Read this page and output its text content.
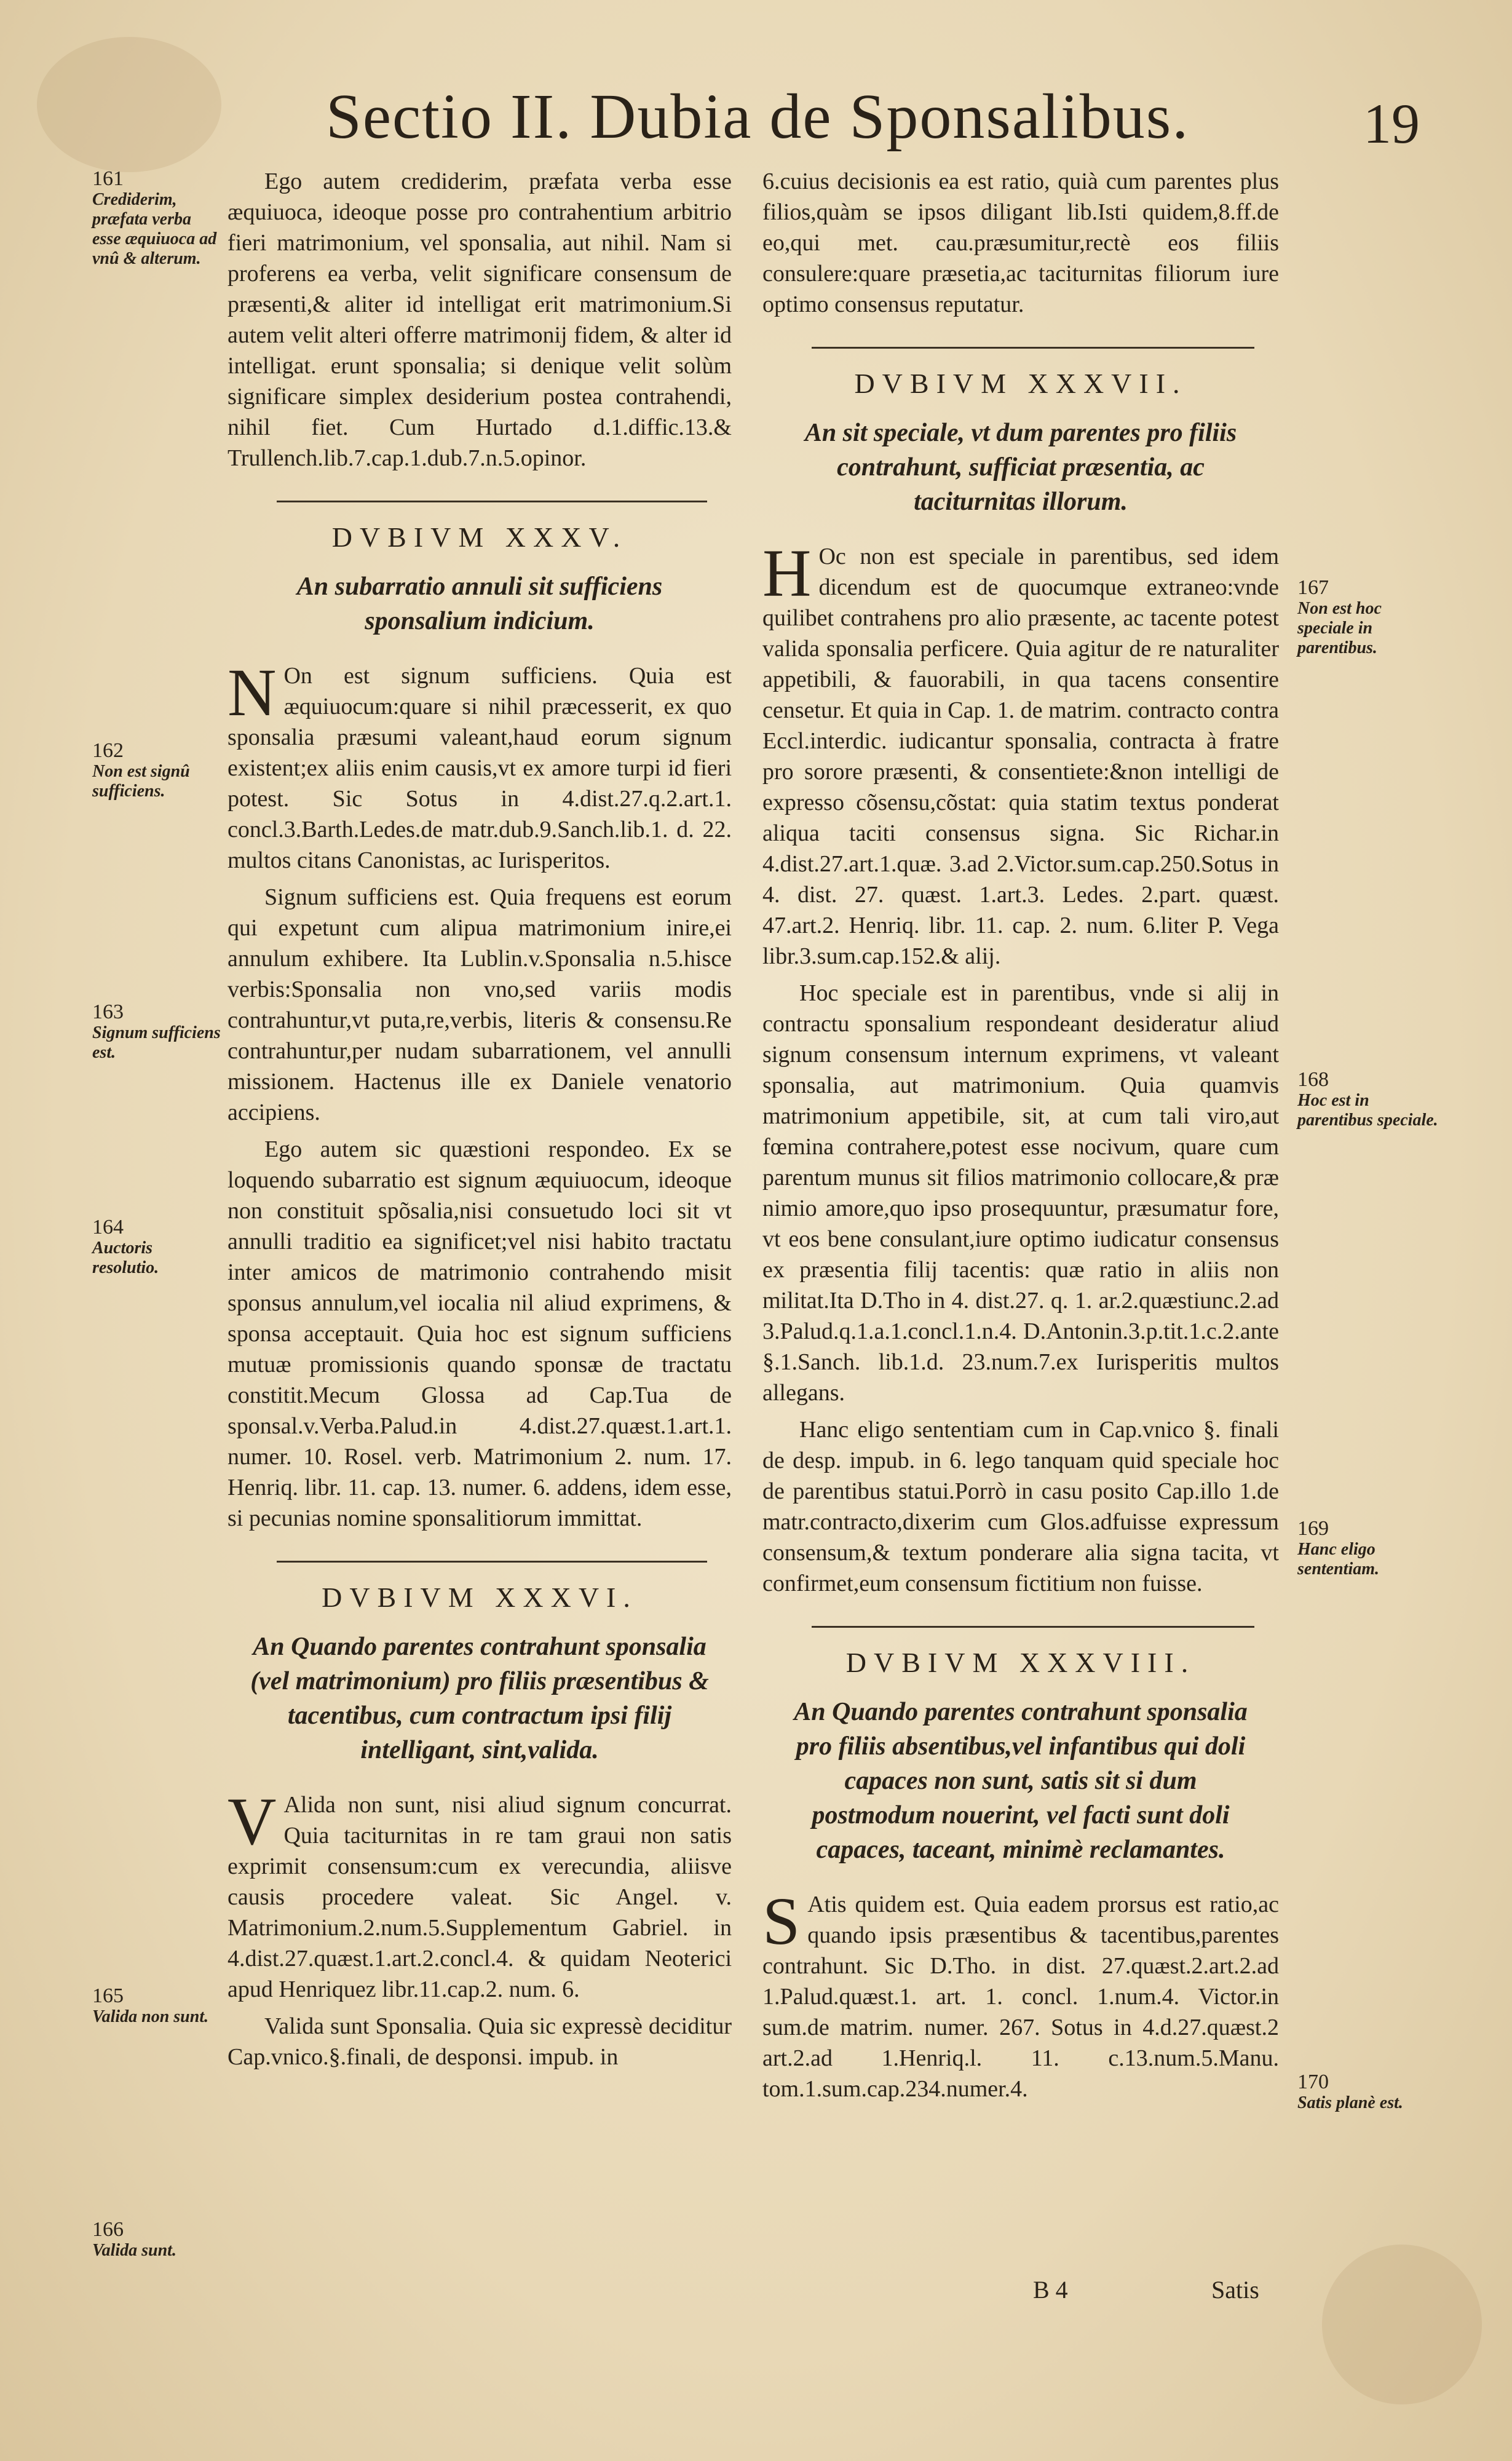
Sectio II. Dubia de Sponsalibus.	19
161
Crediderim, præfata verba esse æquiuoca ad vnû & alterum.
162
Non est signû sufficiens.
163
Signum sufficiens est.
164
Auctoris resolutio.
165
Valida non sunt.
166
Valida sunt.

Ego autem crediderim, præfata verba esse æquiuoca, ideoque posse pro contrahentium arbitrio fieri matrimonium, vel sponsalia, aut nihil. Nam si proferens ea verba, velit significare consensum de præsenti,& aliter id intelligat erit matrimonium.Si autem velit alteri offerre matrimonij fidem, & alter id intelligat. erunt sponsalia; si denique velit solùm significare simplex desiderium postea contrahendi, nihil fiet. Cum Hurtado d.1.diffic.13.& Trullench.lib.7.cap.1.dub.7.n.5.opinor.

DVBIVM XXXV.
An subarratio annuli sit sufficiens sponsalium indicium.

N On est signum sufficiens. Quia est æquiuocum:quare si nihil præcesserit, ex quo sponsalia præsumi valeant,haud eorum signum existent;ex aliis enim causis,vt ex amore turpi id fieri potest. Sic Sotus in 4.dist.27.q.2.art.1. concl.3.Barth.Ledes.de matr.dub.9.Sanch.lib.1. d. 22. multos citans Canonistas, ac Iurisperitos.

Signum sufficiens est. Quia frequens est eorum qui expetunt cum alipua matrimonium inire,ei annulum exhibere. Ita Lublin.v.Sponsalia n.5.hisce verbis:Sponsalia non vno,sed variis modis contrahuntur,vt puta,re,verbis, literis & consensu.Re contrahuntur,per nudam subarrationem, vel annulli missionem. Hactenus ille ex Daniele venatorio accipiens.

Ego autem sic quæstioni respondeo. Ex se loquendo subarratio est signum æquiuocum, ideoque non constituit spõsalia,nisi consuetudo loci sit vt annulli traditio ea significet;vel nisi habito tractatu inter amicos de matrimonio contrahendo misit sponsus annulum,vel iocalia nil aliud exprimens, & sponsa acceptauit. Quia hoc est signum sufficiens mutuæ promissionis quando sponsæ de tractatu constitit.Mecum Glossa ad Cap.Tua de sponsal.v.Verba.Palud.in 4.dist.27.quæst.1.art.1. numer. 10. Rosel. verb. Matrimonium 2. num. 17. Henriq. libr. 11. cap. 13. numer. 6. addens, idem esse, si pecunias nomine sponsalitiorum immittat.

DVBIVM XXXVI.
An Quando parentes contrahunt sponsalia (vel matrimonium) pro filiis præsentibus & tacentibus, cum contractum ipsi filij intelligant, sint,valida.

V Alida non sunt, nisi aliud signum concurrat. Quia taciturnitas in re tam graui non satis exprimit consensum:cum ex verecundia, aliisve causis procedere valeat. Sic Angel. v. Matrimonium.2.num.5.Supplementum Gabriel. in 4.dist.27.quæst.1.art.2.concl.4. & quidam Neoterici apud Henriquez libr.11.cap.2. num. 6.

Valida sunt Sponsalia. Quia sic expressè deciditur Cap.vnico.§.finali, de desponsi. impub. in

6.cuius decisionis ea est ratio, quià cum parentes plus filios,quàm se ipsos diligant lib.Isti quidem,8.ff.de eo,qui met. cau.præsumitur,rectè eos filiis consulere:quare præsetia,ac taciturnitas filiorum iure optimo consensus reputatur.

DVBIVM XXXVII.
An sit speciale, vt dum parentes pro filiis contrahunt, sufficiat præsentia, ac taciturnitas illorum.

H Oc non est speciale in parentibus, sed idem dicendum est de quocumque extraneo:vnde quilibet contrahens pro alio præsente, ac tacente potest valida sponsalia perficere. Quia agitur de re naturaliter appetibili, & fauorabili, in qua tacens consentire censetur. Et quia in Cap. 1. de matrim. contracto contra Eccl.interdic. iudicantur sponsalia, contracta à fratre pro sorore præsenti, & consentiete:&non intelligi de expresso cõsensu,cõstat: quia statim textus ponderat aliqua taciti consensus signa. Sic Richar.in 4.dist.27.art.1.quæ. 3.ad 2.Victor.sum.cap.250.Sotus in 4. dist. 27. quæst. 1.art.3. Ledes. 2.part. quæst. 47.art.2. Henriq. libr. 11. cap. 2. num. 6.liter P. Vega libr.3.sum.cap.152.& alij.

Hoc speciale est in parentibus, vnde si alij in contractu sponsalium respondeant desideratur aliud signum consensum internum exprimens, vt valeant sponsalia, aut matrimonium. Quia quamvis matrimonium appetibile, sit, at cum tali viro,aut fœmina contrahere,potest esse nocivum, quare cum parentum munus sit filios matrimonio collocare,& præ nimio amore,quo ipso prosequuntur, præsumatur fore, vt eos bene consulant,iure optimo iudicatur consensus ex præsentia filij tacentis: quæ ratio in aliis non militat.Ita D.Tho in 4. dist.27. q. 1. ar.2.quæstiunc.2.ad 3.Palud.q.1.a.1.concl.1.n.4. D.Antonin.3.p.tit.1.c.2.ante §.1.Sanch. lib.1.d. 23.num.7.ex Iurisperitis multos allegans.

Hanc eligo sententiam cum in Cap.vnico §. finali de desp. impub. in 6. lego tanquam quid speciale hoc de parentibus statui.Porrò in casu posito Cap.illo 1.de matr.contracto,dixerim cum Glos.adfuisse expressum consensum,& textum ponderare alia signa tacita, vt confirmet,eum consensum fictitium non fuisse.

DVBIVM XXXVIII.
An Quando parentes contrahunt sponsalia pro filiis absentibus,vel infantibus qui doli capaces non sunt, satis sit si dum postmodum nouerint, vel facti sunt doli capaces, taceant, minimè reclamantes.

S Atis quidem est. Quia eadem prorsus est ratio,ac quando ipsis præsentibus & tacentibus,parentes contrahunt. Sic D.Tho. in dist. 27.quæst.2.art.2.ad 1.Palud.quæst.1. art. 1. concl. 1.num.4. Victor.in sum.de matrim. numer. 267. Sotus in 4.d.27.quæst.2 art.2.ad 1.Henriq.l. 11. c.13.num.5.Manu. tom.1.sum.cap.234.numer.4.

167
Non est hoc speciale in parentibus.
168
Hoc est in parentibus speciale.
169
Hanc eligo sententiam.
170
Satis planè est.
B 4	Satis
